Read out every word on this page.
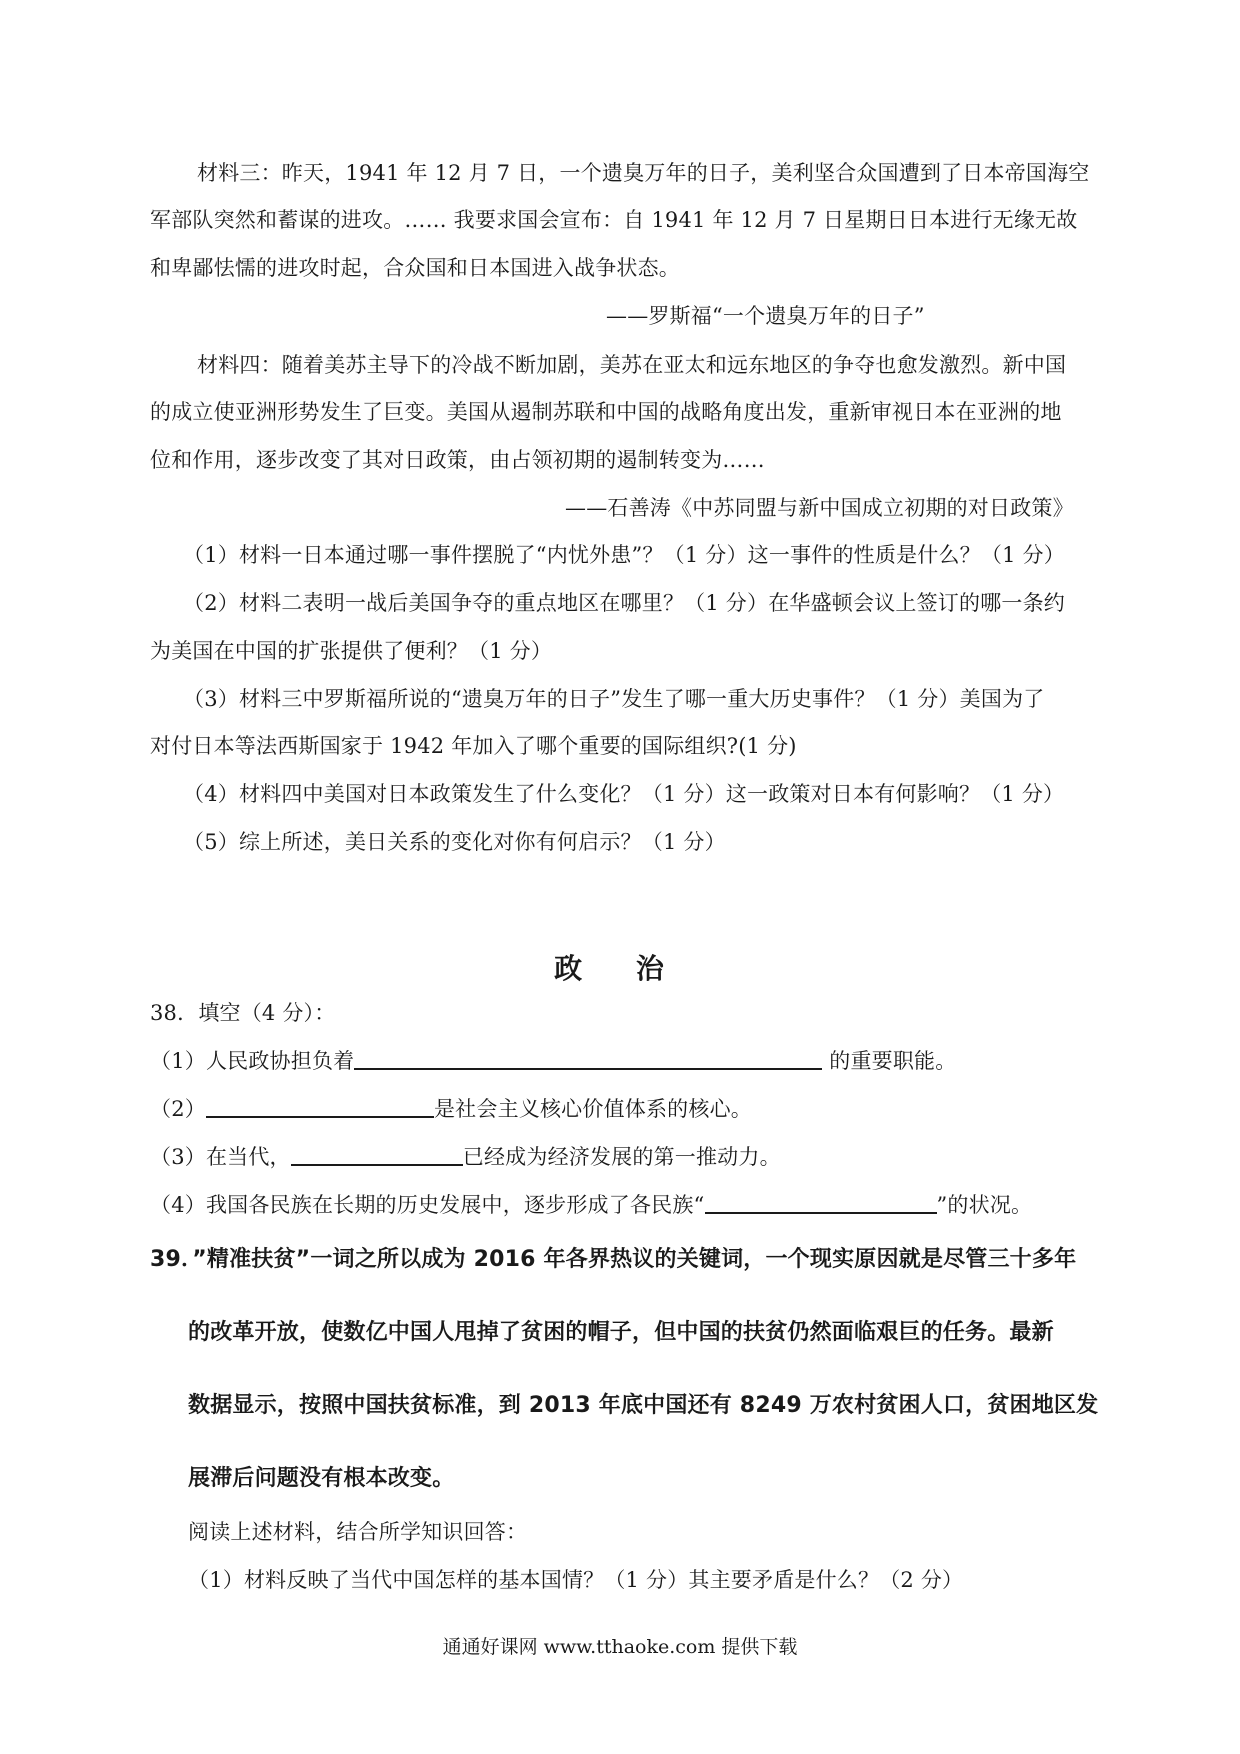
材料三：昨天，1941 年 12 月 7 日，一个遗臭万年的日子，美利坚合众国遭到了日本帝国海空
军部队突然和蓄谋的进攻。…… 我要求国会宣布：自 1941 年 12 月 7 日星期日日本进行无缘无故
和卑鄙怯懦的进攻时起，合众国和日本国进入战争状态。
——罗斯福“一个遗臭万年的日子”
材料四：随着美苏主导下的冷战不断加剧，美苏在亚太和远东地区的争夺也愈发激烈。新中国
的成立使亚洲形势发生了巨变。美国从遏制苏联和中国的战略角度出发，重新审视日本在亚洲的地
位和作用，逐步改变了其对日政策，由占领初期的遏制转变为……
——石善涛《中苏同盟与新中国成立初期的对日政策》
（1）材料一日本通过哪一事件摆脱了“内忧外患”？（1 分）这一事件的性质是什么？（1 分）
（2）材料二表明一战后美国争夺的重点地区在哪里？（1 分）在华盛顿会议上签订的哪一条约
为美国在中国的扩张提供了便利？（1 分）
（3）材料三中罗斯福所说的“遗臭万年的日子”发生了哪一重大历史事件？（1 分）美国为了
对付日本等法西斯国家于 1942 年加入了哪个重要的国际组织?(1 分)
（4）材料四中美国对日本政策发生了什么变化？（1 分）这一政策对日本有何影响？（1 分）
（5）综上所述，美日关系的变化对你有何启示？（1 分）
政 治
38．填空（4 分）：
（1）人民政协担负着	的重要职能。
（2）	是社会主义核心价值体系的核心。
（3）在当代，	已经成为经济发展的第一推动力。
（4）我国各民族在长期的历史发展中，逐步形成了各民族“	”的状况。
39．”精准扶贫”一词之所以成为 2016 年各界热议的关键词，一个现实原因就是尽管三十多年
的改革开放，使数亿中国人甩掉了贫困的帽子，但中国的扶贫仍然面临艰巨的任务。最新
数据显示，按照中国扶贫标准，到 2013 年底中国还有 8249 万农村贫困人口，贫困地区发
展滞后问题没有根本改变。
阅读上述材料，结合所学知识回答：
（1）材料反映了当代中国怎样的基本国情？（1 分）其主要矛盾是什么？（2 分）
通通好课网 www.tthaoke.com 提供下载
